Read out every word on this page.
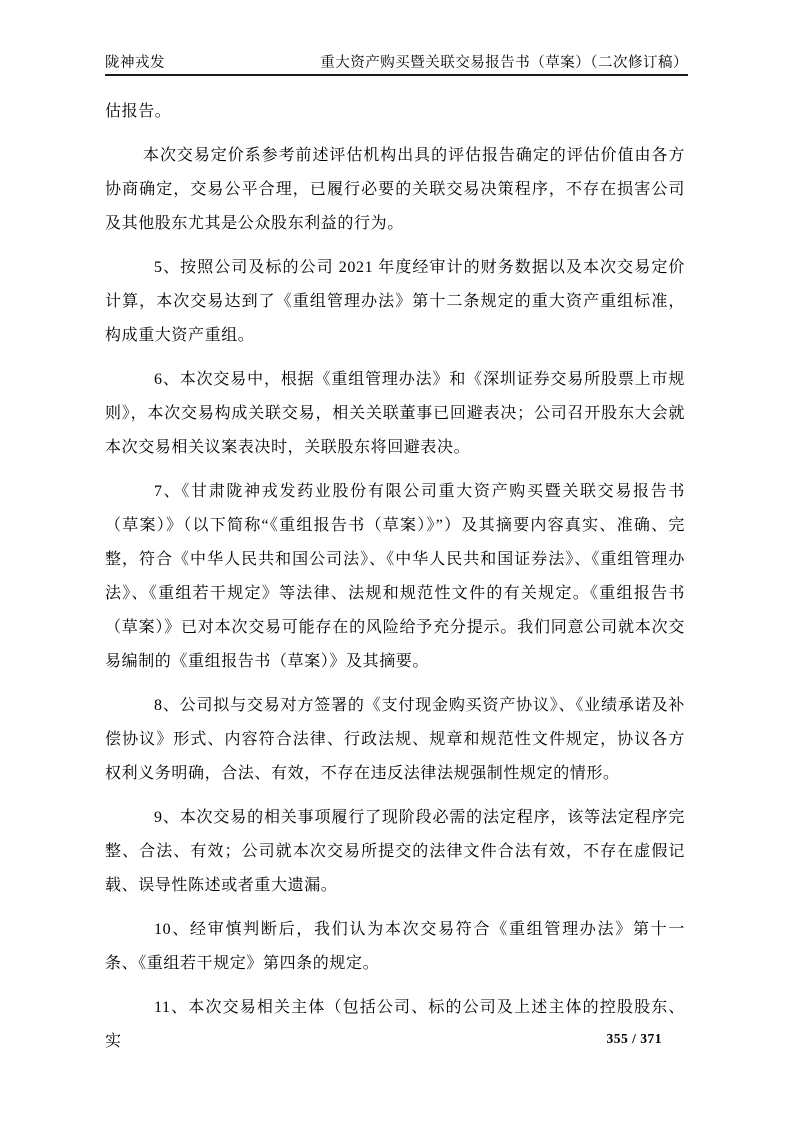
陇神戎发	重大资产购买暨关联交易报告书（草案）（二次修订稿）

估报告。

本次交易定价系参考前述评估机构出具的评估报告确定的评估价值由各方协商确定，交易公平合理，已履行必要的关联交易决策程序，不存在损害公司及其他股东尤其是公众股东利益的行为。

5、按照公司及标的公司 2021 年度经审计的财务数据以及本次交易定价计算，本次交易达到了《重组管理办法》第十二条规定的重大资产重组标准，构成重大资产重组。

6、本次交易中，根据《重组管理办法》和《深圳证券交易所股票上市规则》，本次交易构成关联交易，相关关联董事已回避表决；公司召开股东大会就本次交易相关议案表决时，关联股东将回避表决。

7、《甘肃陇神戎发药业股份有限公司重大资产购买暨关联交易报告书（草案）》（以下简称“《重组报告书（草案）》”）及其摘要内容真实、准确、完整，符合《中华人民共和国公司法》、《中华人民共和国证券法》、《重组管理办法》、《重组若干规定》等法律、法规和规范性文件的有关规定。《重组报告书（草案）》已对本次交易可能存在的风险给予充分提示。我们同意公司就本次交易编制的《重组报告书（草案）》及其摘要。

8、公司拟与交易对方签署的《支付现金购买资产协议》、《业绩承诺及补偿协议》形式、内容符合法律、行政法规、规章和规范性文件规定，协议各方权利义务明确，合法、有效，不存在违反法律法规强制性规定的情形。

9、本次交易的相关事项履行了现阶段必需的法定程序，该等法定程序完整、合法、有效；公司就本次交易所提交的法律文件合法有效，不存在虚假记载、误导性陈述或者重大遗漏。

10、经审慎判断后，我们认为本次交易符合《重组管理办法》第十一条、《重组若干规定》第四条的规定。

11、本次交易相关主体（包括公司、标的公司及上述主体的控股股东、实	355 / 371
